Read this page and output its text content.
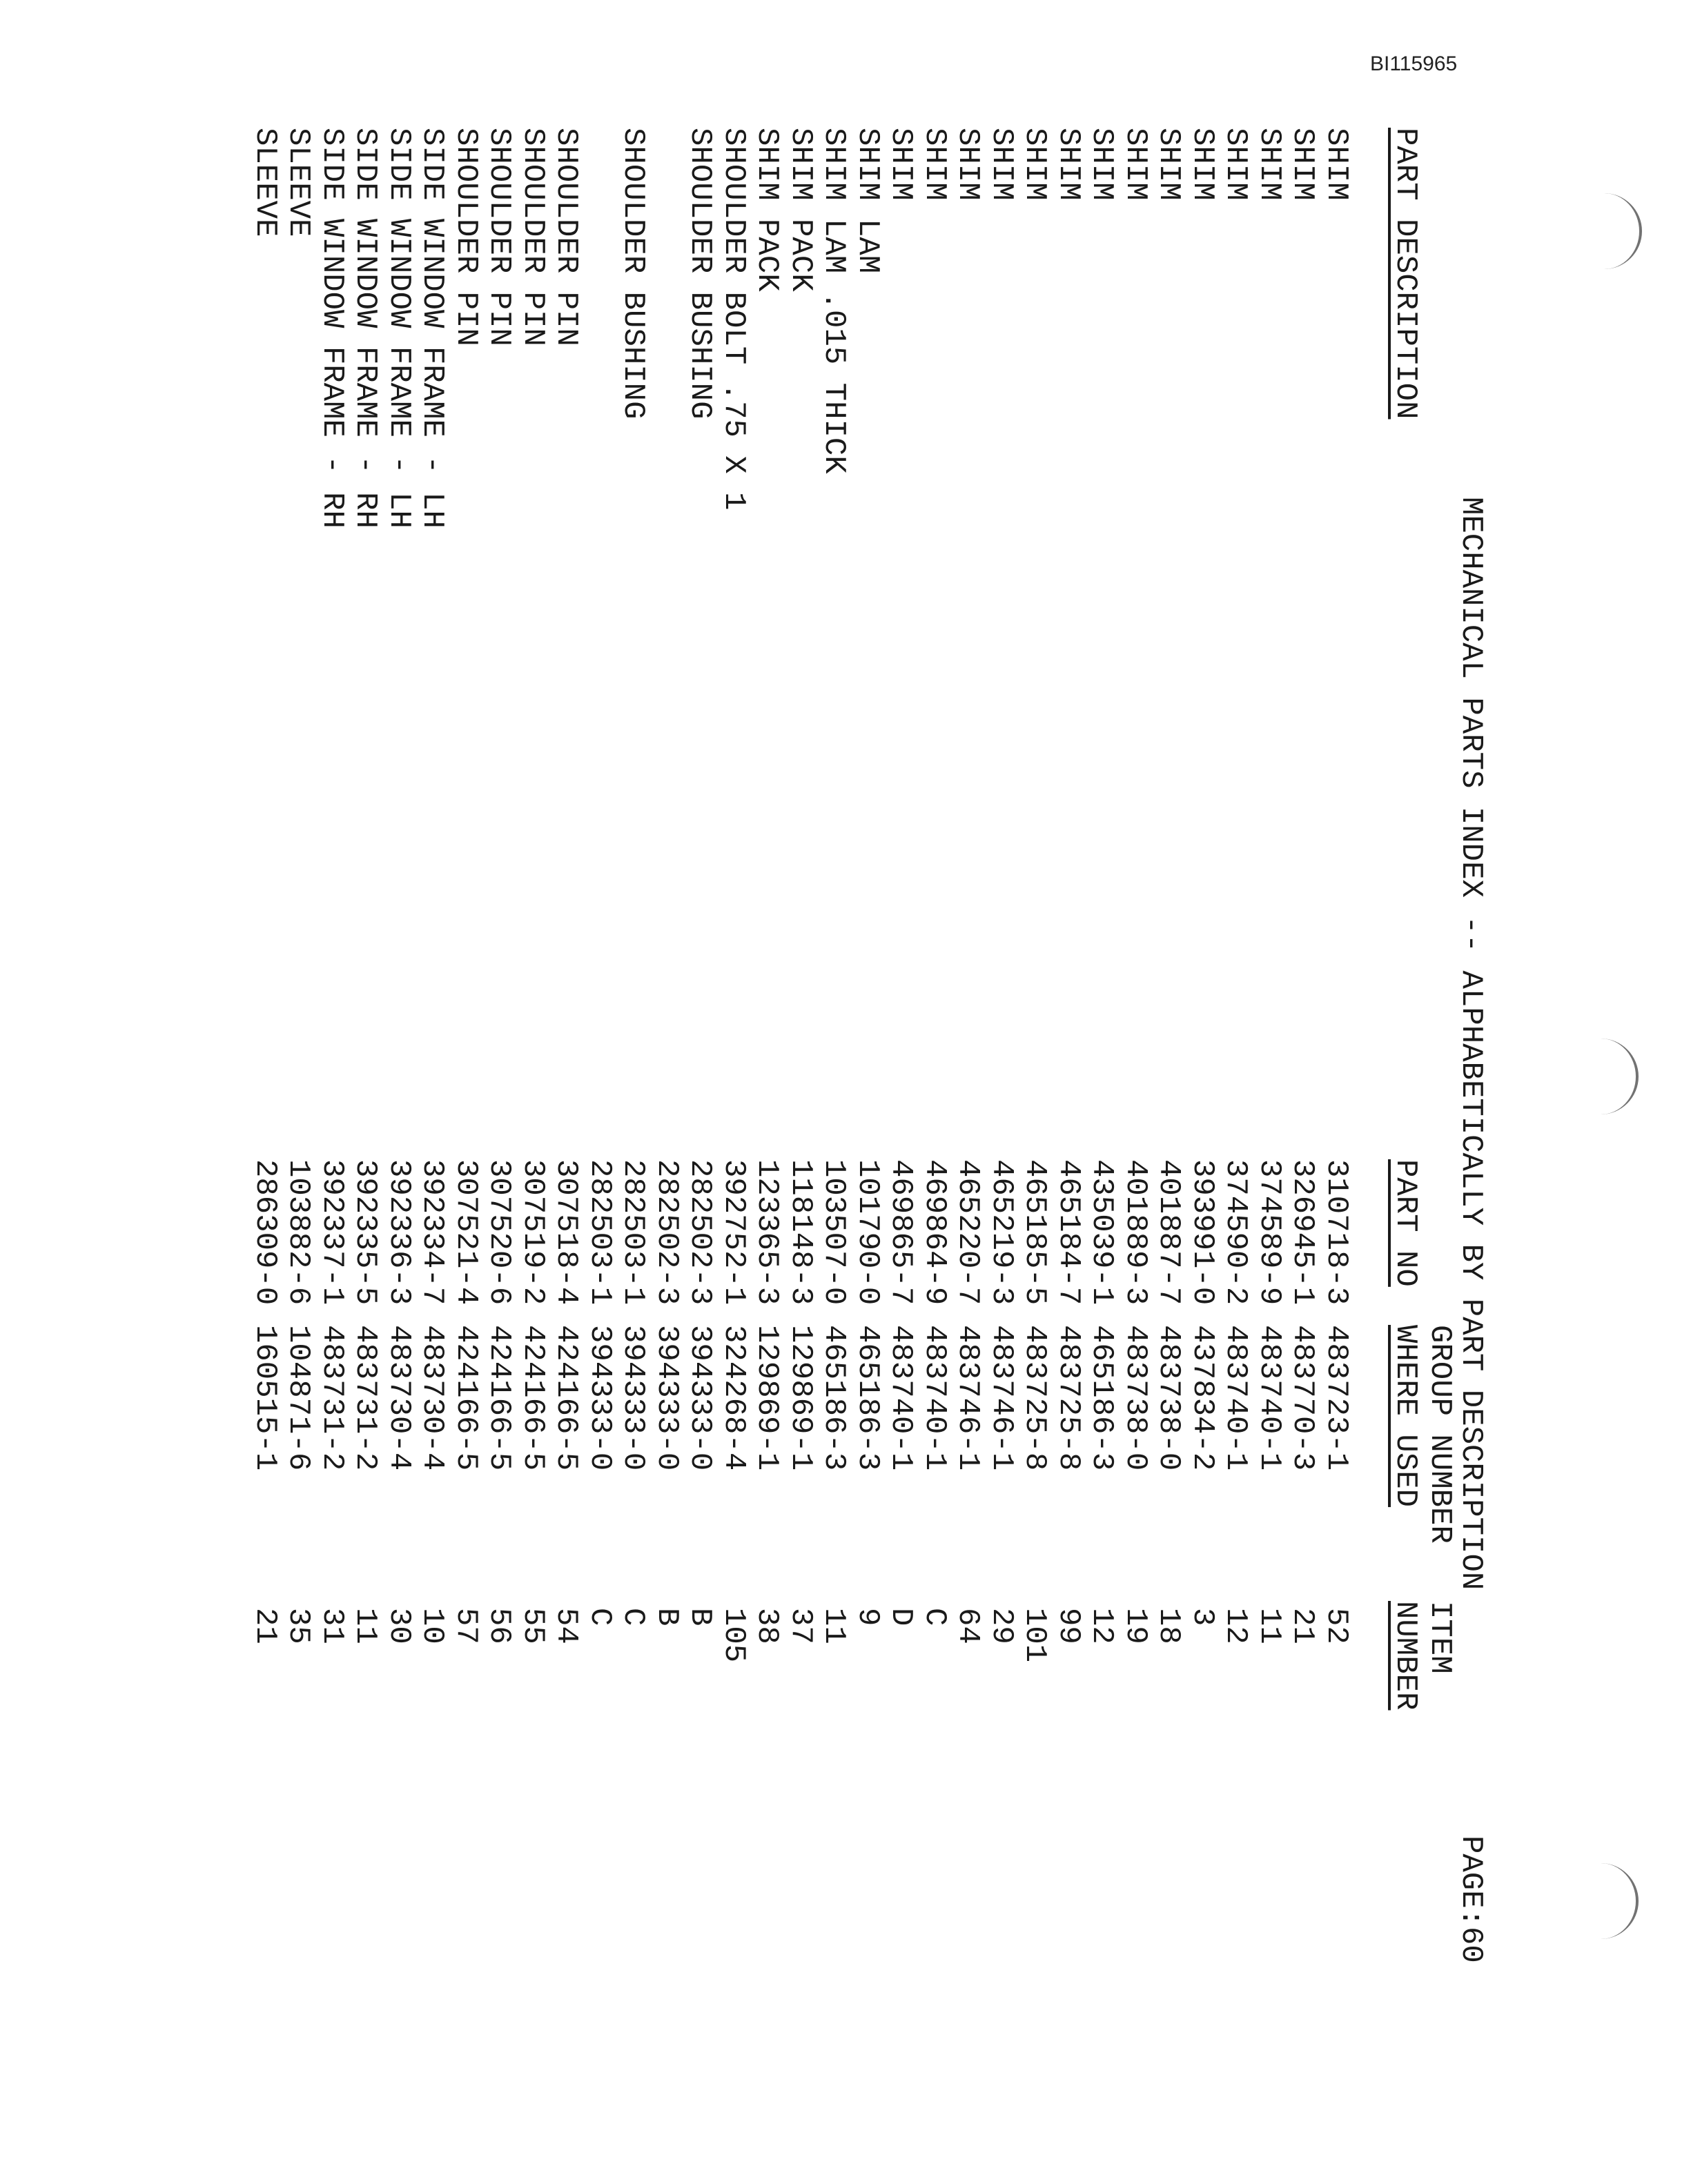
BI115965
MECHANICAL PARTS INDEX -- ALPHABETICALLY BY PART DESCRIPTION
PAGE:60
GROUP NUMBER
ITEM
PART DESCRIPTION
PART NO
WHERE USED
NUMBER
SHIM
310718-3
483723-1
52
SHIM
326945-1
483770-3
21
SHIM
374589-9
483740-1
11
SHIM
374590-2
483740-1
12
SHIM
393991-0
437834-2
3
SHIM
401887-7
483738-0
18
SHIM
401889-3
483738-0
19
SHIM
435039-1
465186-3
12
SHIM
465184-7
483725-8
99
SHIM
465185-5
483725-8
101
SHIM
465219-3
483746-1
29
SHIM
465220-7
483746-1
64
SHIM
469864-9
483740-1
C
SHIM
469865-7
483740-1
D
SHIM LAM
101790-0
465186-3
9
SHIM LAM .015 THICK
103507-0
465186-3
11
SHIM PACK
118148-3
129869-1
37
SHIM PACK
123365-3
129869-1
38
SHOULDER BOLT .75 X 1
392752-1
324268-4
105
SHOULDER BUSHING
282502-3
394333-0
B
282502-3
394333-0
B
SHOULDER BUSHING
282503-1
394333-0
C
282503-1
394333-0
C
SHOULDER PIN
307518-4
424166-5
54
SHOULDER PIN
307519-2
424166-5
55
SHOULDER PIN
307520-6
424166-5
56
SHOULDER PIN
307521-4
424166-5
57
SIDE WINDOW FRAME - LH
392334-7
483730-4
10
SIDE WINDOW FRAME - LH
392336-3
483730-4
30
SIDE WINDOW FRAME - RH
392335-5
483731-2
11
SIDE WINDOW FRAME - RH
392337-1
483731-2
31
SLEEVE
103882-6
104871-6
35
SLEEVE
286309-0
160515-1
21
